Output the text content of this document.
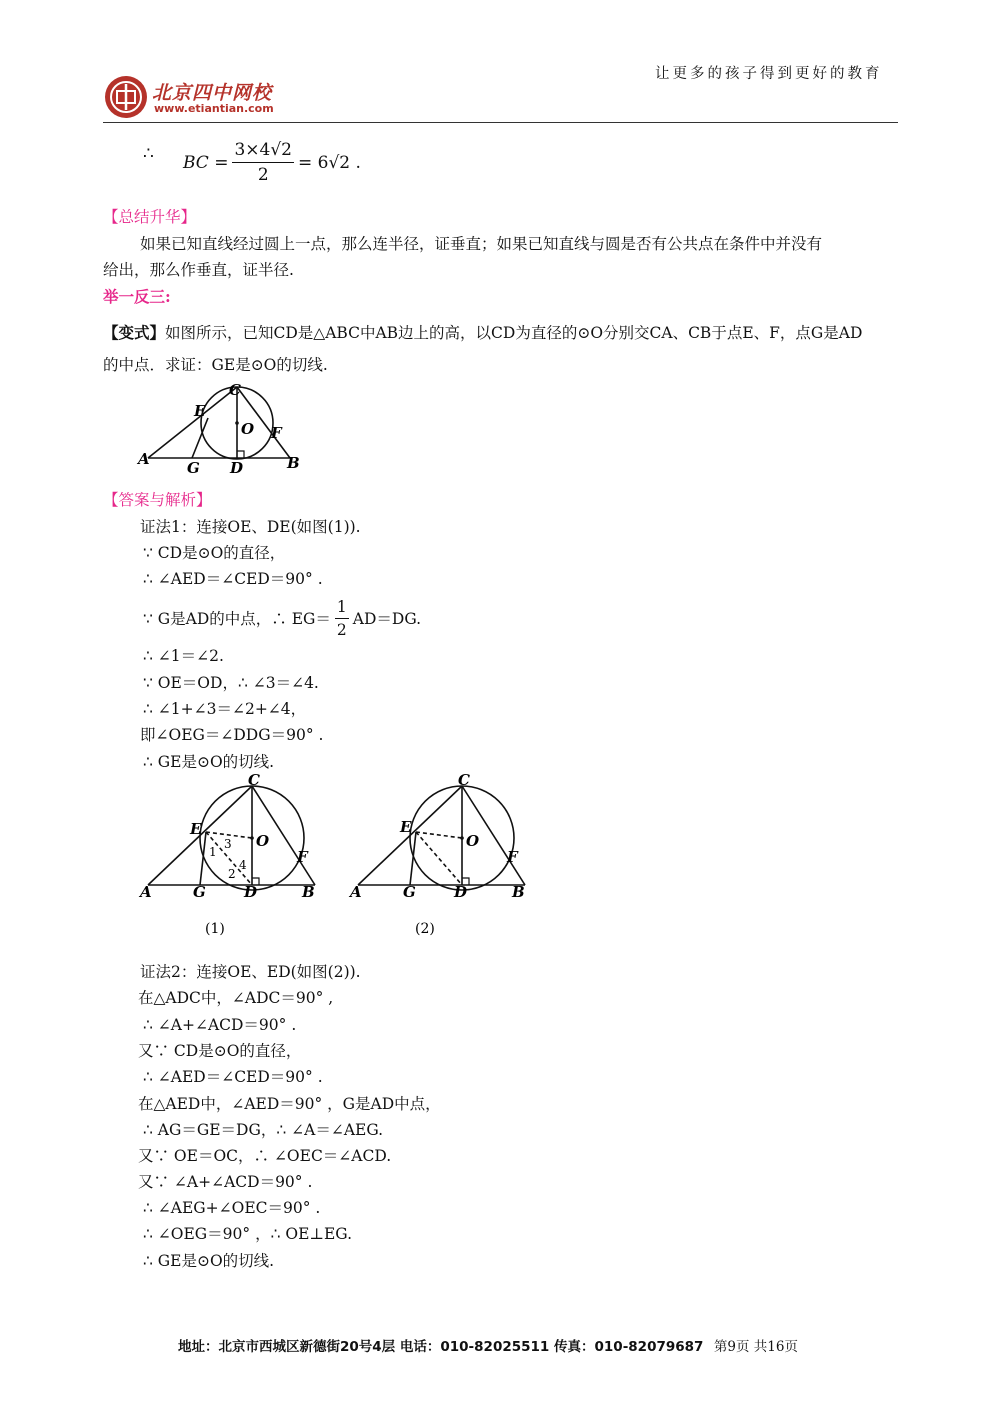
北京四中网校
www.etiantian.com
让更多的孩子得到更好的教育
∴ BC = $\frac{3\times 4√2}{2} = 6√2$ .
【总结升华】
如果已知直线经过圆上一点，那么连半径，证垂直；如果已知直线与圆是否有公共点在条件中并没有
给出，那么作垂直，证半径.
举一反三:
【变式】如图所示，已知CD是△ABC中AB边上的高，以CD为直径的⊙O分别交CA、CB于点E、F，点G是AD
的中点．求证：GE是⊙O的切线.
C
E
O F
A G D	B
【答案与解析】
证法1：连接OE、DE(如图(1)).
∵ CD是⊙O的直径，
∴ ∠AED＝∠CED＝90° .
∴ ∠1＝∠2.
∵ OE＝OD，∴ ∠3＝∠4.
∴ ∠1+∠3＝∠2+∠4，
即∠OEG＝∠DDG＝90° .
∴ GE是⊙O的切线.
∵ G是AD的中点，∴ $EG= \frac{1}{2} AD=DG$.
C
E
O
F
A	G	D	B
1
3
2
4
(1)
C
E
O
F
A	G	D	B
(2)
证法2：连接OE、ED(如图(2)).
在△ADC中，∠ADC＝90° ,
∴ ∠A+∠ACD＝90° .
又∵ CD是⊙O的直径，
∴ ∠AED＝∠CED＝90° .
在△AED中，∠AED＝90° ，G是AD中点，
∴ AG＝GE＝DG，∴ ∠A＝∠AEG.
又∵ OE＝OC，∴ ∠OEC＝∠ACD.
又∵ ∠A+∠ACD＝90° .
∴ ∠AEG+∠OEC＝90° .
∴ ∠OEG＝90° ，∴ OE⊥EG.
∴ GE是⊙O的切线.
地址：北京市西城区新德街20号4层 电话：010-82025511 传真：010-82079687 第9页 共16页
